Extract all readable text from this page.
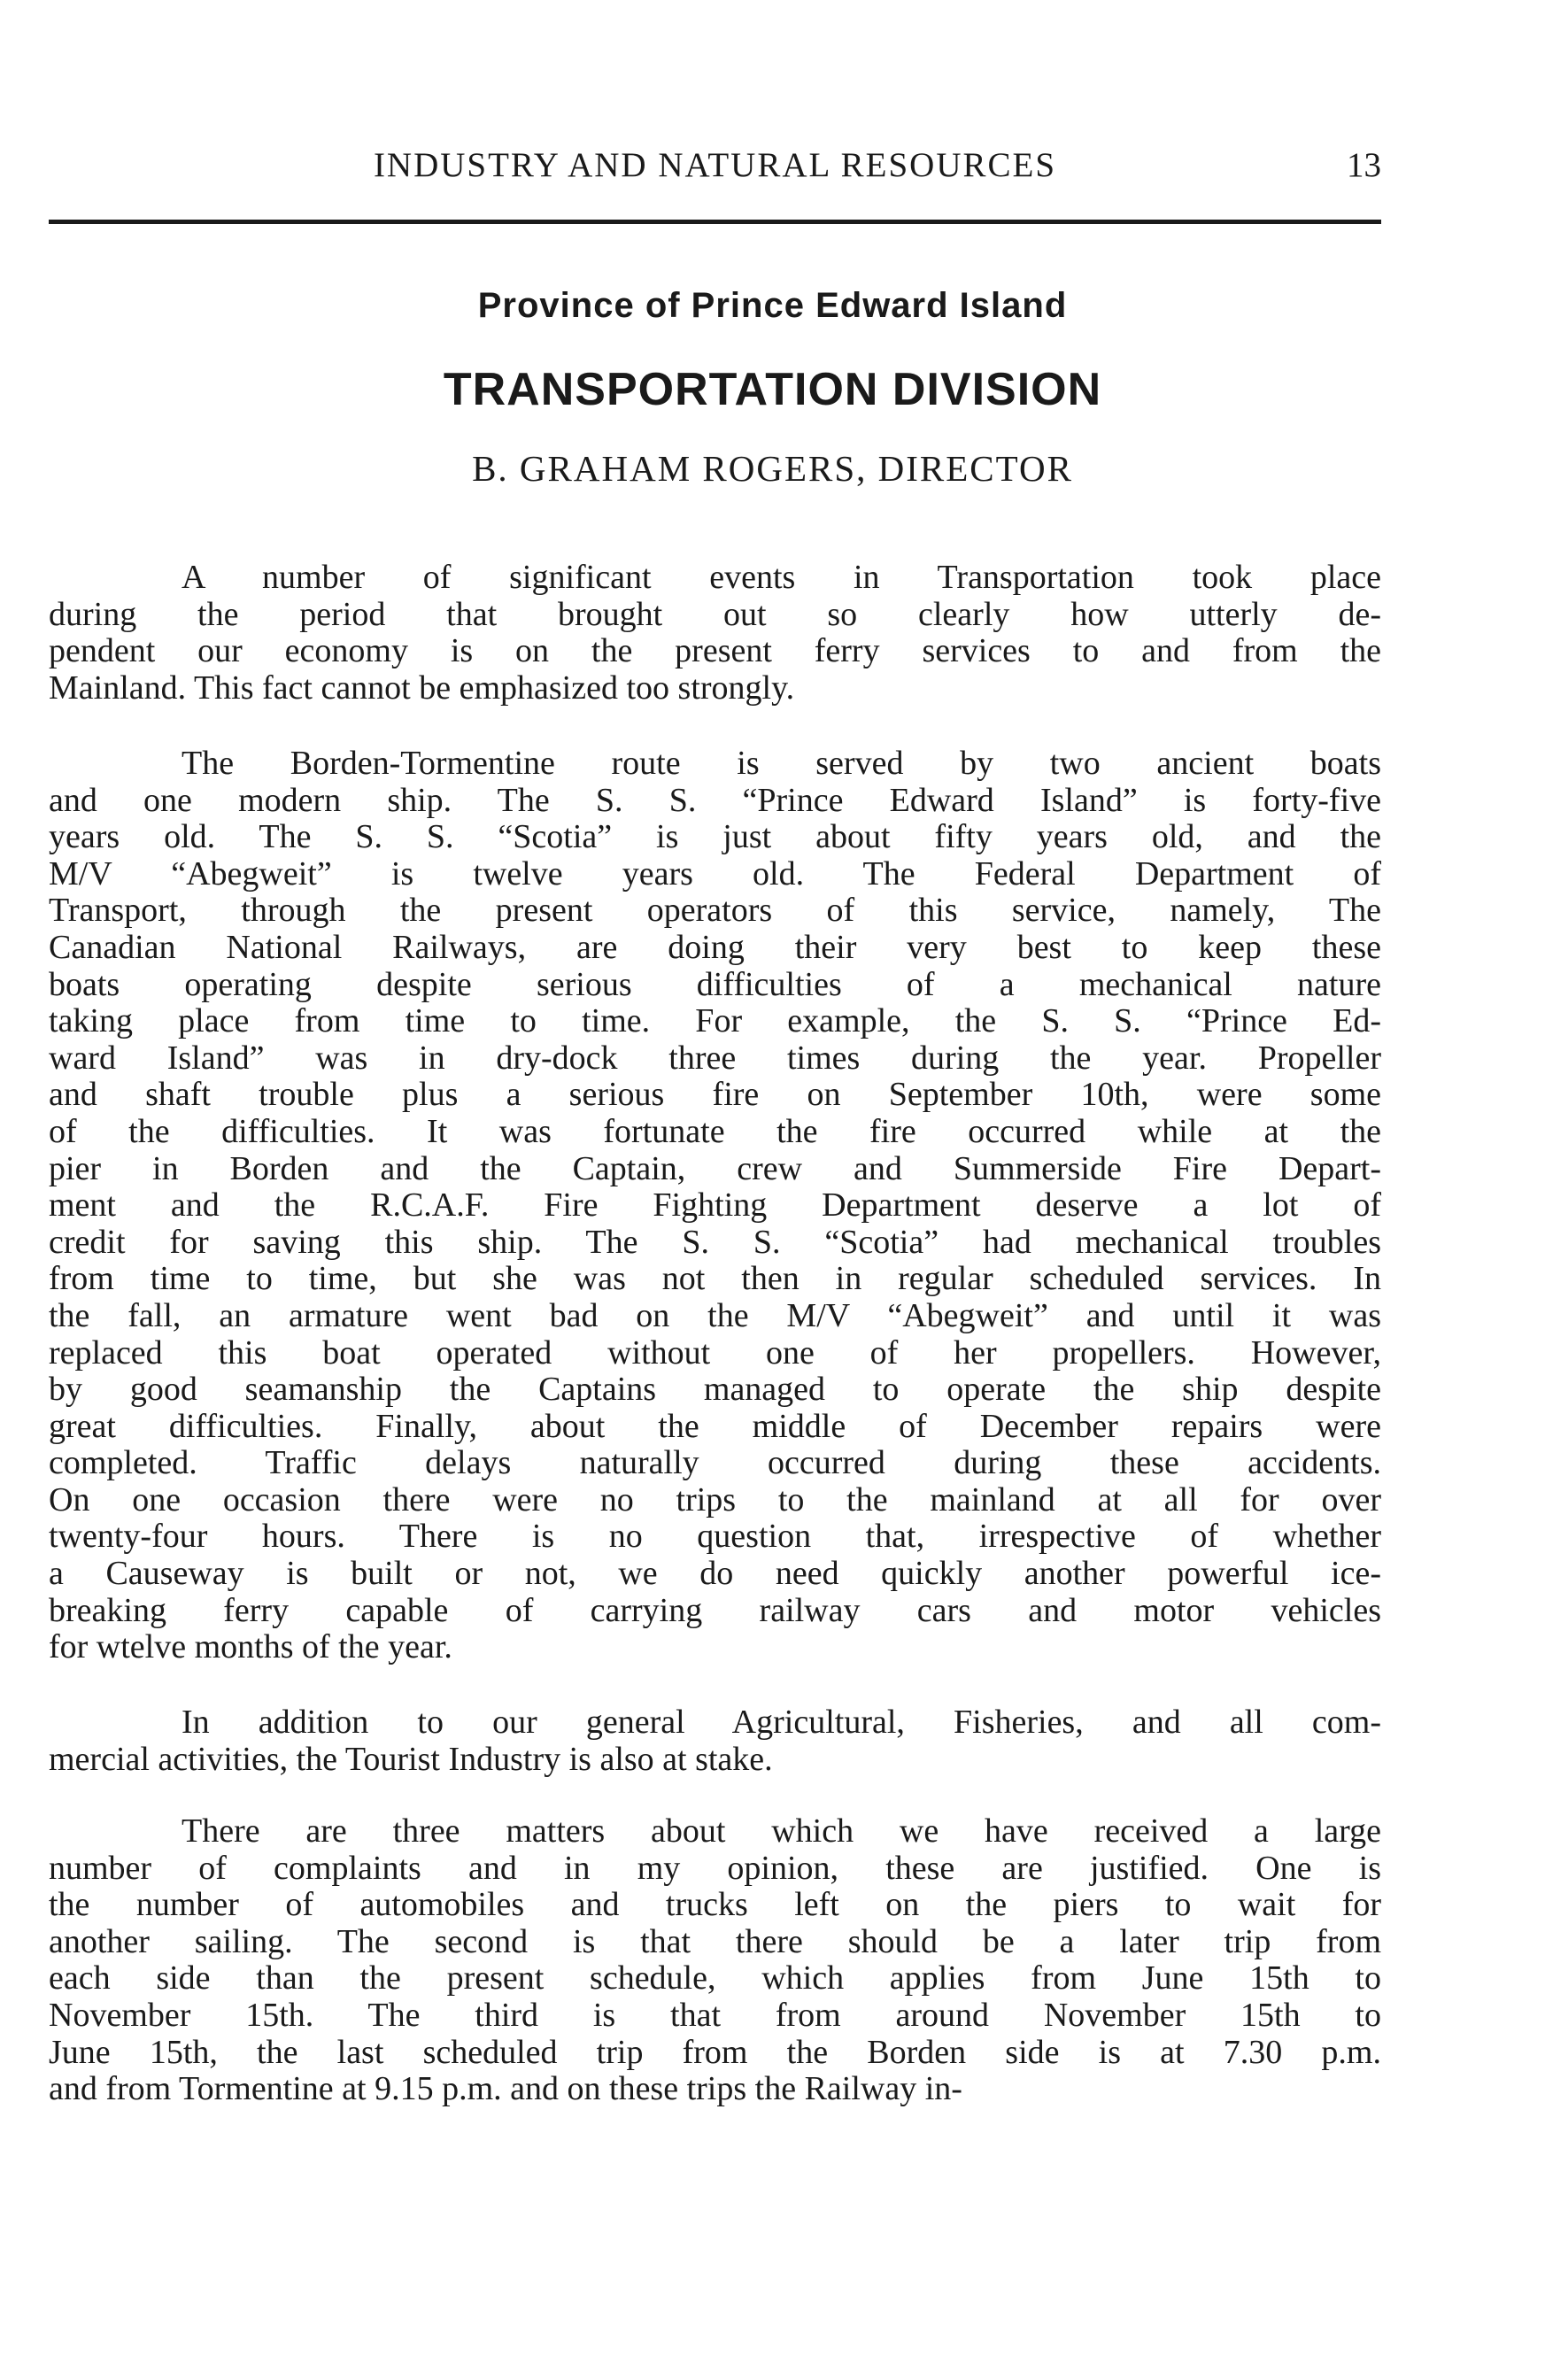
INDUSTRY AND NATURAL RESOURCES	13
Province of Prince Edward Island
TRANSPORTATION DIVISION
B. GRAHAM ROGERS, DIRECTOR
A number of significant events in Transportation took place
during the period that brought out so clearly how utterly de-
pendent our economy is on the present ferry services to and from the
Mainland. This fact cannot be emphasized too strongly.
The Borden-Tormentine route is served by two ancient boats
and one modern ship. The S. S. “Prince Edward Island” is forty-five
years old. The S. S. “Scotia” is just about fifty years old, and the
M/V “Abegweit” is twelve years old. The Federal Department of
Transport, through the present operators of this service, namely, The
Canadian National Railways, are doing their very best to keep these
boats operating despite serious difficulties of a mechanical nature
taking place from time to time. For example, the S. S. “Prince Ed-
ward Island” was in dry-dock three times during the year. Propeller
and shaft trouble plus a serious fire on September 10th, were some
of the difficulties. It was fortunate the fire occurred while at the
pier in Borden and the Captain, crew and Summerside Fire Depart-
ment and the R.C.A.F. Fire Fighting Department deserve a lot of
credit for saving this ship. The S. S. “Scotia” had mechanical troubles
from time to time, but she was not then in regular scheduled services. In
the fall, an armature went bad on the M/V “Abegweit” and until it was
replaced this boat operated without one of her propellers. However,
by good seamanship the Captains managed to operate the ship despite
great difficulties. Finally, about the middle of December repairs were
completed. Traffic delays naturally occurred during these accidents.
On one occasion there were no trips to the mainland at all for over
twenty-four hours. There is no question that, irrespective of whether
a Causeway is built or not, we do need quickly another powerful ice-
breaking ferry capable of carrying railway cars and motor vehicles
for wtelve months of the year.
In addition to our general Agricultural, Fisheries, and all com-
mercial activities, the Tourist Industry is also at stake.
There are three matters about which we have received a large
number of complaints and in my opinion, these are justified. One is
the number of automobiles and trucks left on the piers to wait for
another sailing. The second is that there should be a later trip from
each side than the present schedule, which applies from June 15th to
November 15th. The third is that from around November 15th to
June 15th, the last scheduled trip from the Borden side is at 7.30 p.m.
and from Tormentine at 9.15 p.m. and on these trips the Railway in-
